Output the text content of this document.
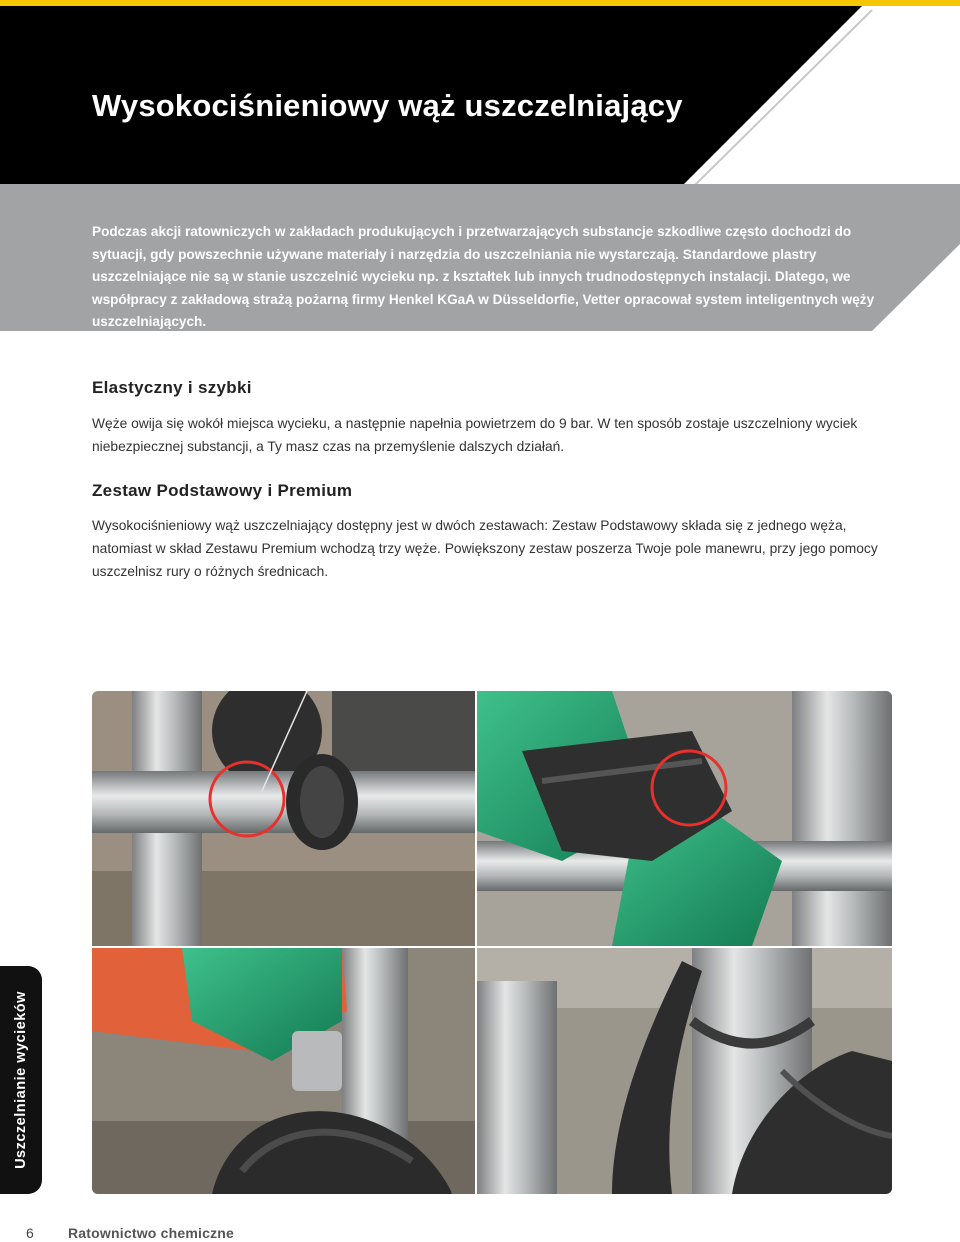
Wysokociśnieniowy wąż uszczelniający
Podczas akcji ratowniczych w zakładach produkujących i przetwarzających substancje szkodliwe często dochodzi do sytuacji, gdy powszechnie używane materiały i narzędzia do uszczelniania nie wystarczają. Standardowe plastry uszczelniające nie są w stanie uszczelnić wycieku np. z kształtek lub innych trudnodostępnych instalacji. Dlatego, we współpracy z zakładową strażą pożarną firmy Henkel KGaA w Düsseldorfie, Vetter opracował system inteligentnych węży uszczelniających.
Elastyczny i szybki
Węże owija się wokół miejsca wycieku, a następnie napełnia powietrzem do 9 bar. W ten sposób zostaje uszczelniony wyciek niebezpiecznej substancji, a Ty masz czas na przemyślenie dalszych działań.
Zestaw Podstawowy i Premium
Wysokociśnieniowy wąż uszczelniający dostępny jest w dwóch zestawach: Zestaw Podstawowy składa się z jednego węża, natomiast w skład Zestawu Premium wchodzą trzy węże. Powiększony zestaw poszerza Twoje pole manewru, przy jego pomocy uszczelnisz rury o różnych średnicach.
Uszczelnianie wycieków
6 Ratownictwo chemiczne
